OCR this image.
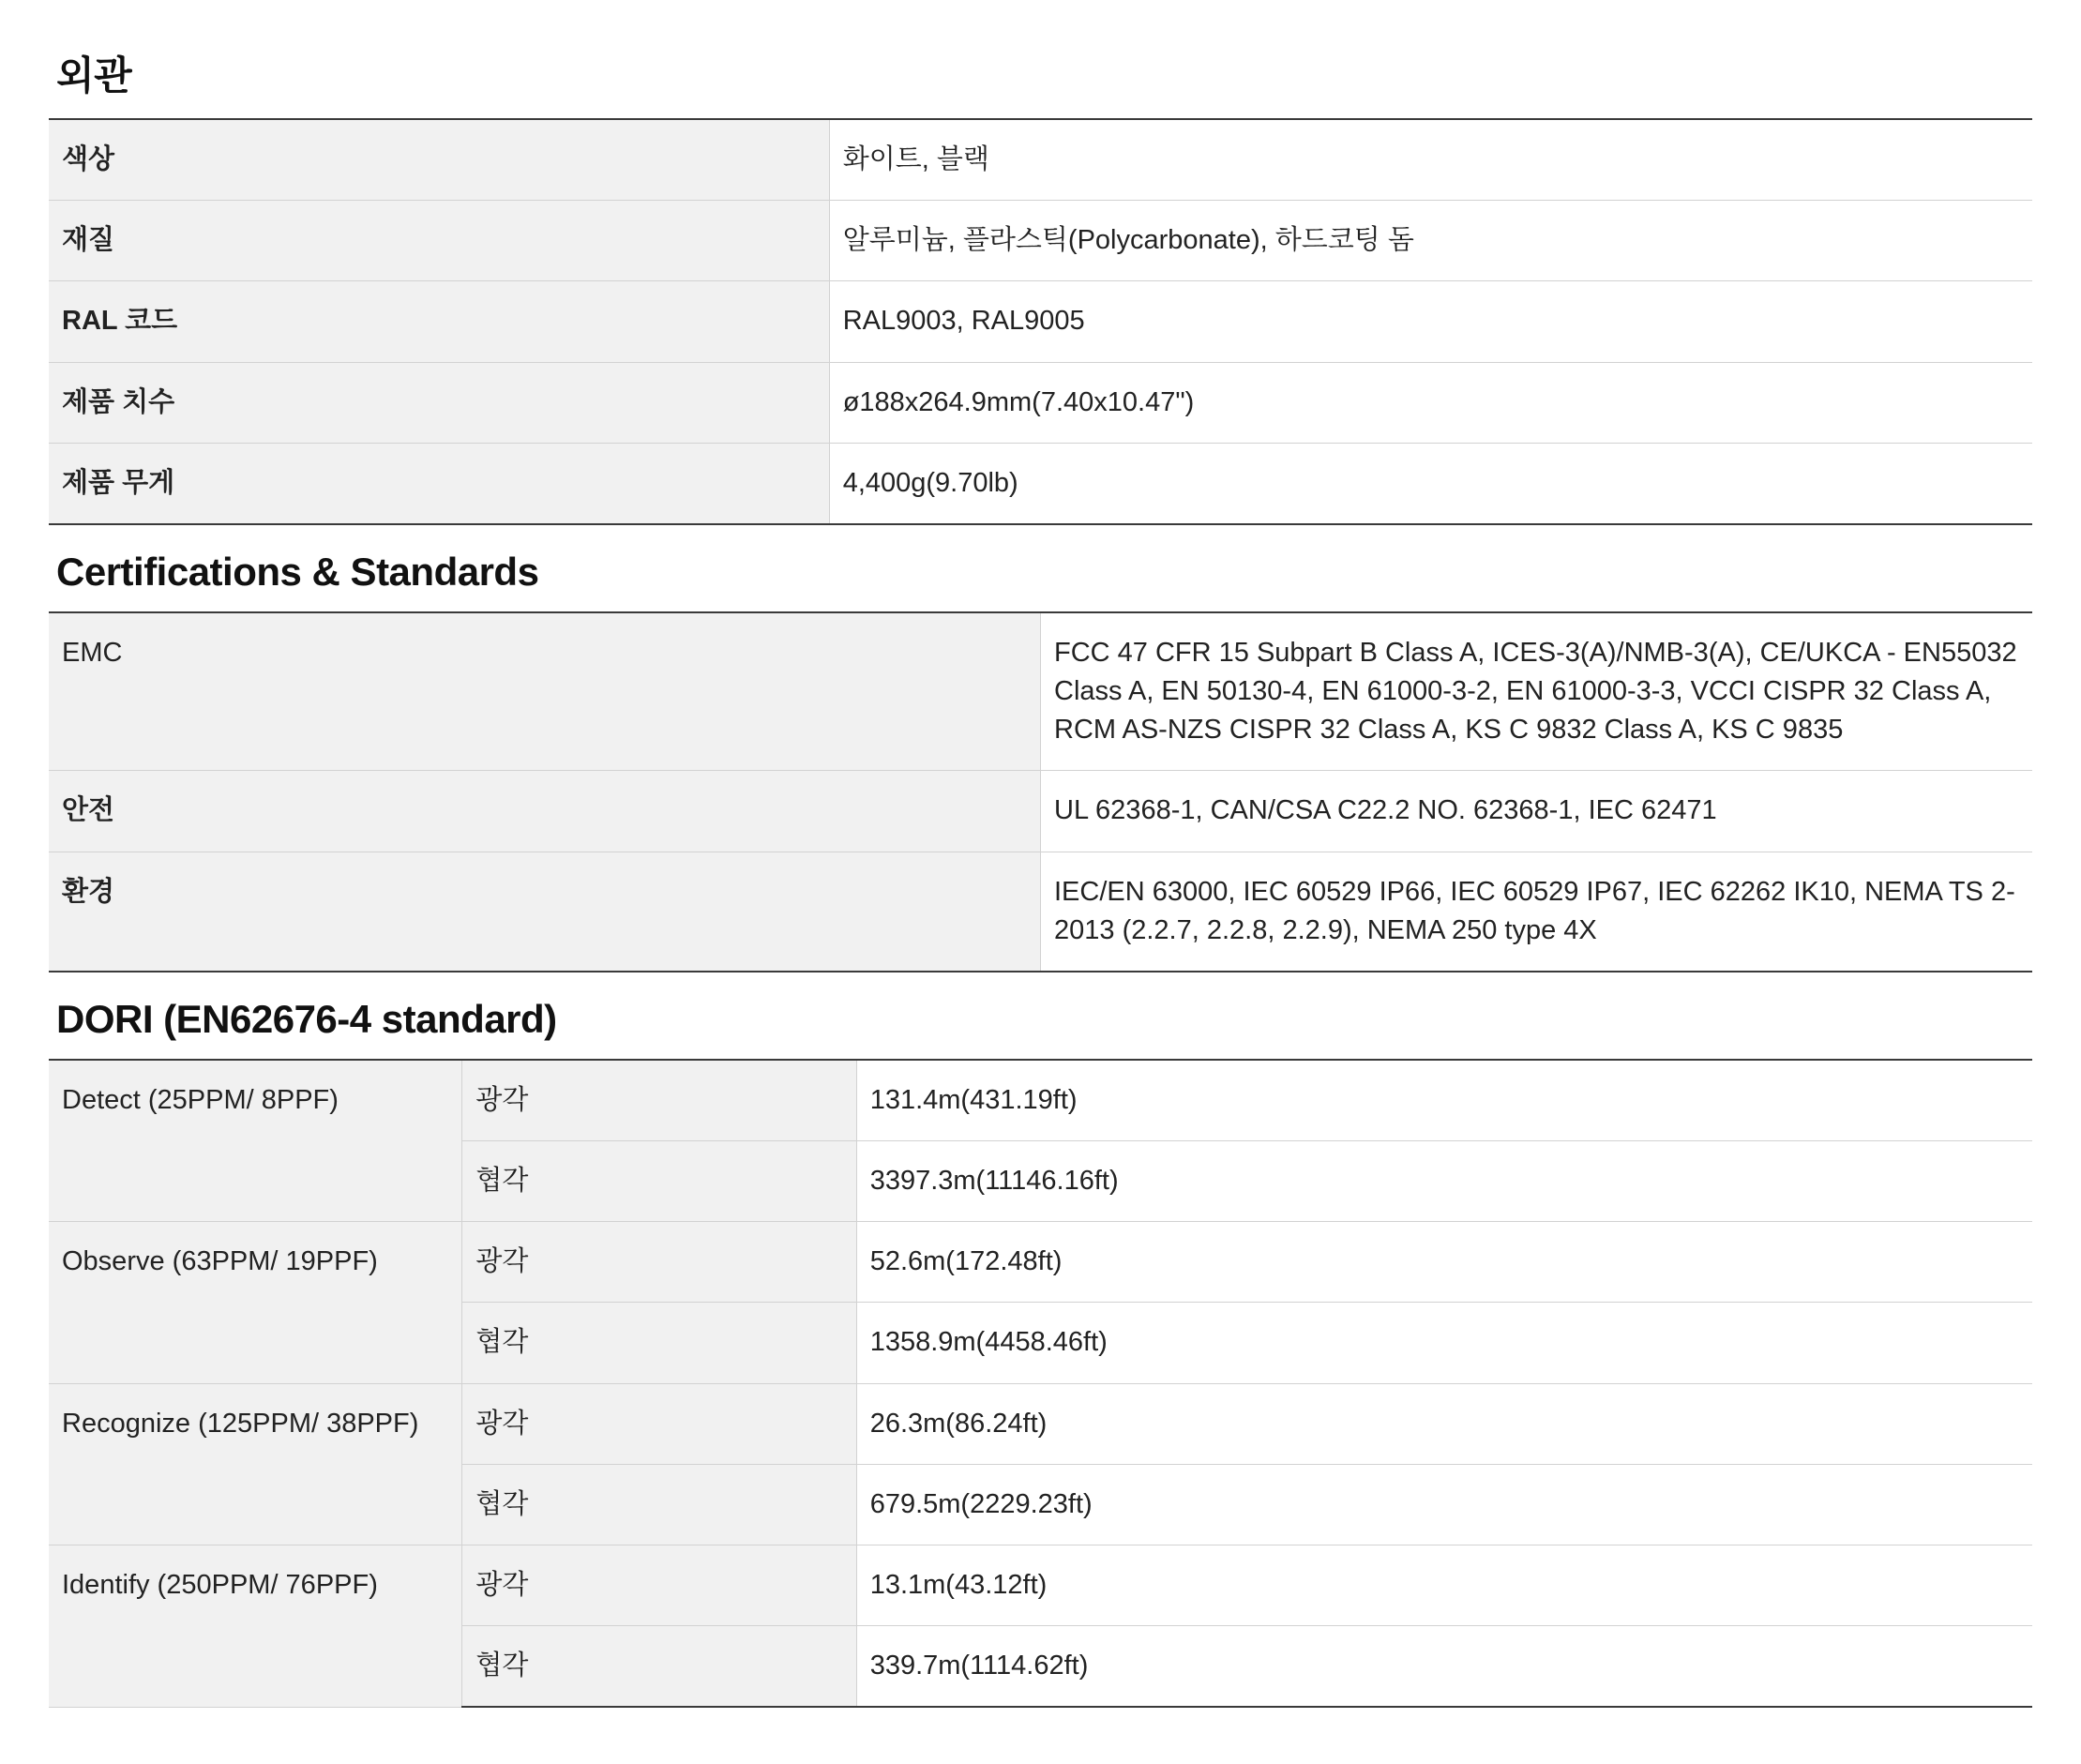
외관
색상	화이트, 블랙
재질	알루미늄, 플라스틱(Polycarbonate), 하드코팅 돔
RAL 코드	RAL9003, RAL9005
제품 치수	ø188x264.9mm(7.40x10.47")
제품 무게	4,400g(9.70lb)
Certifications & Standards
EMC	FCC 47 CFR 15 Subpart B Class A, ICES-3(A)/NMB-3(A), CE/UKCA - EN55032 Class A, EN 50130-4, EN 61000-3-2, EN 61000-3-3, VCCI CISPR 32 Class A, RCM AS-NZS CISPR 32 Class A, KS C 9832 Class A, KS C 9835
안전	UL 62368-1, CAN/CSA C22.2 NO. 62368-1, IEC 62471
환경	IEC/EN 63000, IEC 60529 IP66, IEC 60529 IP67, IEC 62262 IK10, NEMA TS 2-2013 (2.2.7, 2.2.8, 2.2.9), NEMA 250 type 4X
DORI (EN62676-4 standard)
Detect (25PPM/ 8PPF)	광각	131.4m(431.19ft)
	협각	3397.3m(11146.16ft)
Observe (63PPM/ 19PPF)	광각	52.6m(172.48ft)
	협각	1358.9m(4458.46ft)
Recognize (125PPM/ 38PPF)	광각	26.3m(86.24ft)
	협각	679.5m(2229.23ft)
Identify (250PPM/ 76PPF)	광각	13.1m(43.12ft)
	협각	339.7m(1114.62ft)
